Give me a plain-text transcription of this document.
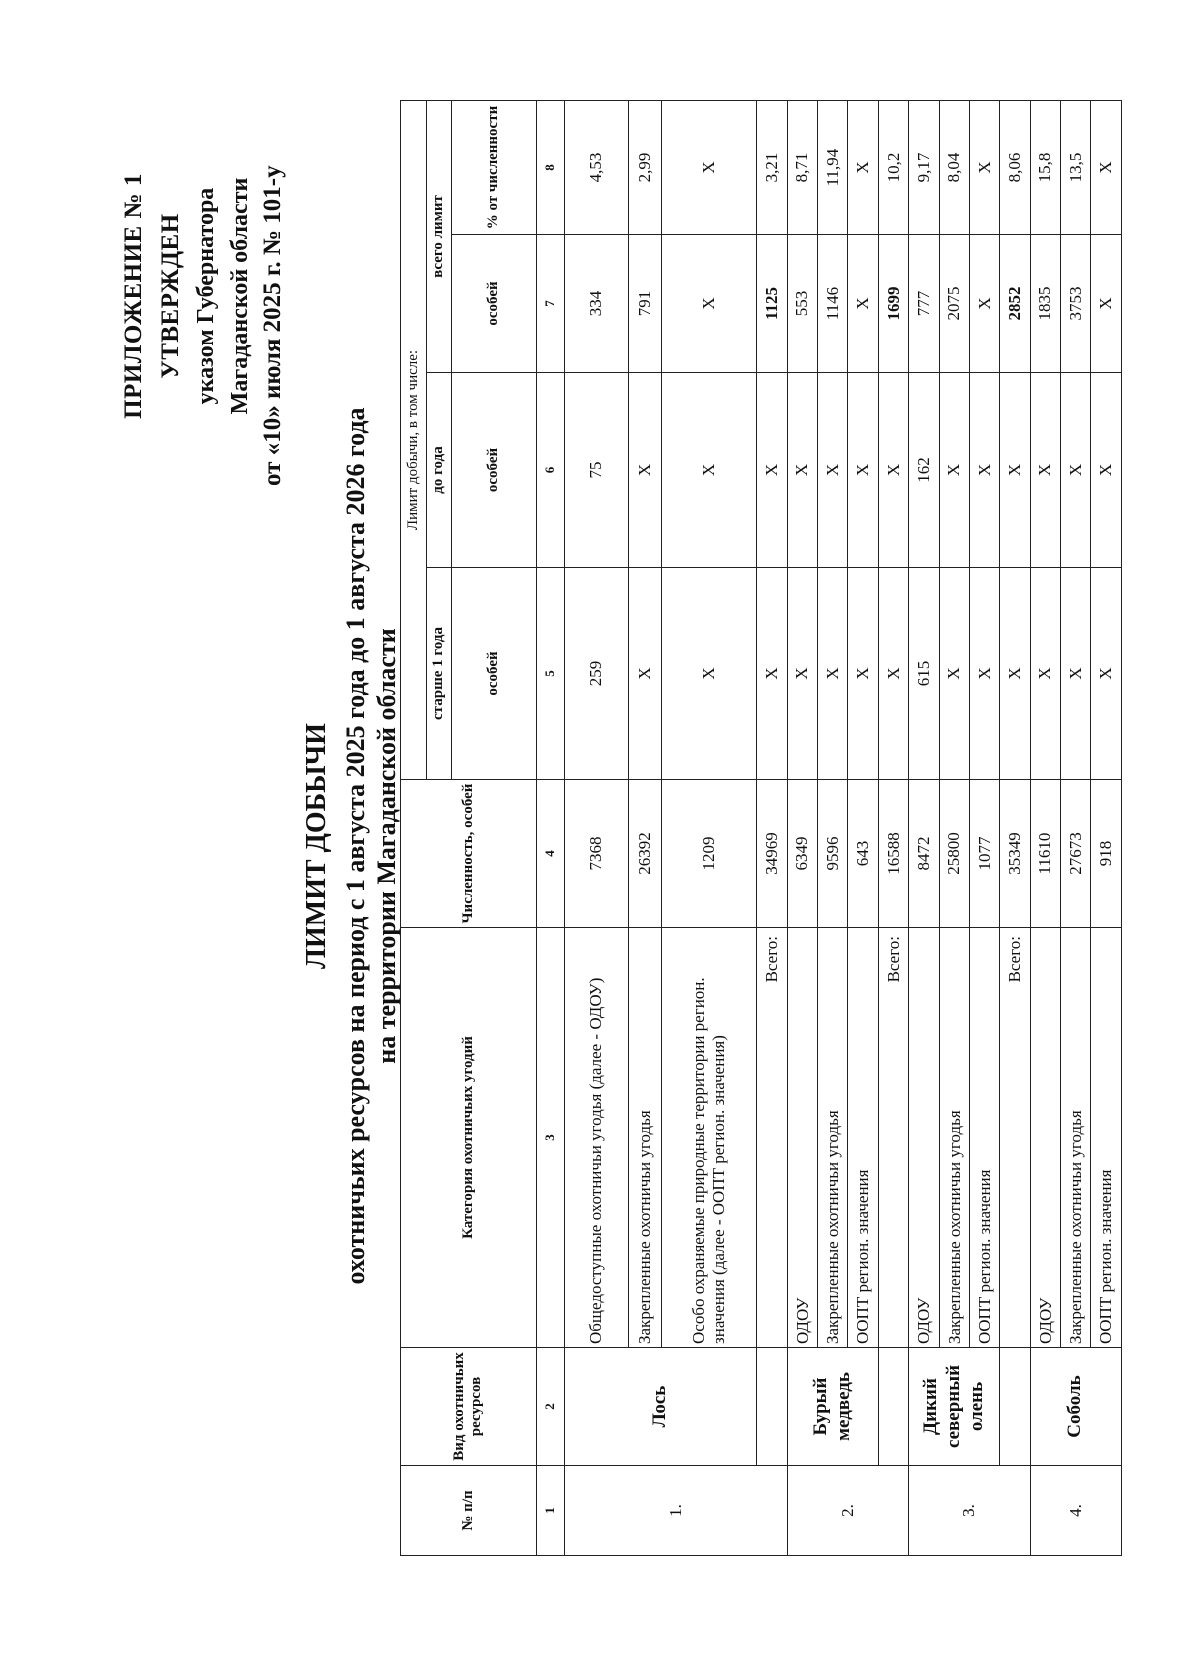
ПРИЛОЖЕНИЕ № 1 УТВЕРЖДЕН указом Губернатора Магаданской области от «10» июля 2025 г. № 101-у
ЛИМИТ ДОБЫЧИ охотничьих ресурсов на период с 1 августа 2025 года до 1 августа 2026 года на территории Магаданской области
№ п/п	Вид охотничьих ресурсов	Категория охотничьих угодий	Численность, особей	Лимит добычи, в том числе:			
				старше 1 года	до года	всего лимит	
				особей	особей	особей	% от численности
1	2	3	4	5	6	7	8
1.	Лось	Общедоступные охотничьи угодья (далее - ОДОУ)	7368	259	75	334	4,53
		Закрепленные охотничьи угодья	26392	Х	Х	791	2,99
		Особо охраняемые природные территории регион. значения (далее - ООПТ регион. значения)	1209	Х	Х	Х	Х
		Всего:	34969	Х	Х	1125	3,21
2.	Бурый медведь	ОДОУ	6349	Х	Х	553	8,71
		Закрепленные охотничьи угодья	9596	Х	Х	1146	11,94
		ООПТ регион. значения	643	Х	Х	Х	Х
		Всего:	16588	Х	Х	1699	10,2
3.	Дикий северный олень	ОДОУ	8472	615	162	777	9,17
		Закрепленные охотничьи угодья	25800	Х	Х	2075	8,04
		ООПТ регион. значения	1077	Х	Х	Х	Х
		Всего:	35349	Х	Х	2852	8,06
4.	Соболь	ОДОУ	11610	Х	Х	1835	15,8
		Закрепленные охотничьи угодья	27673	Х	Х	3753	13,5
		ООПТ регион. значения	918	Х	Х	Х	Х
